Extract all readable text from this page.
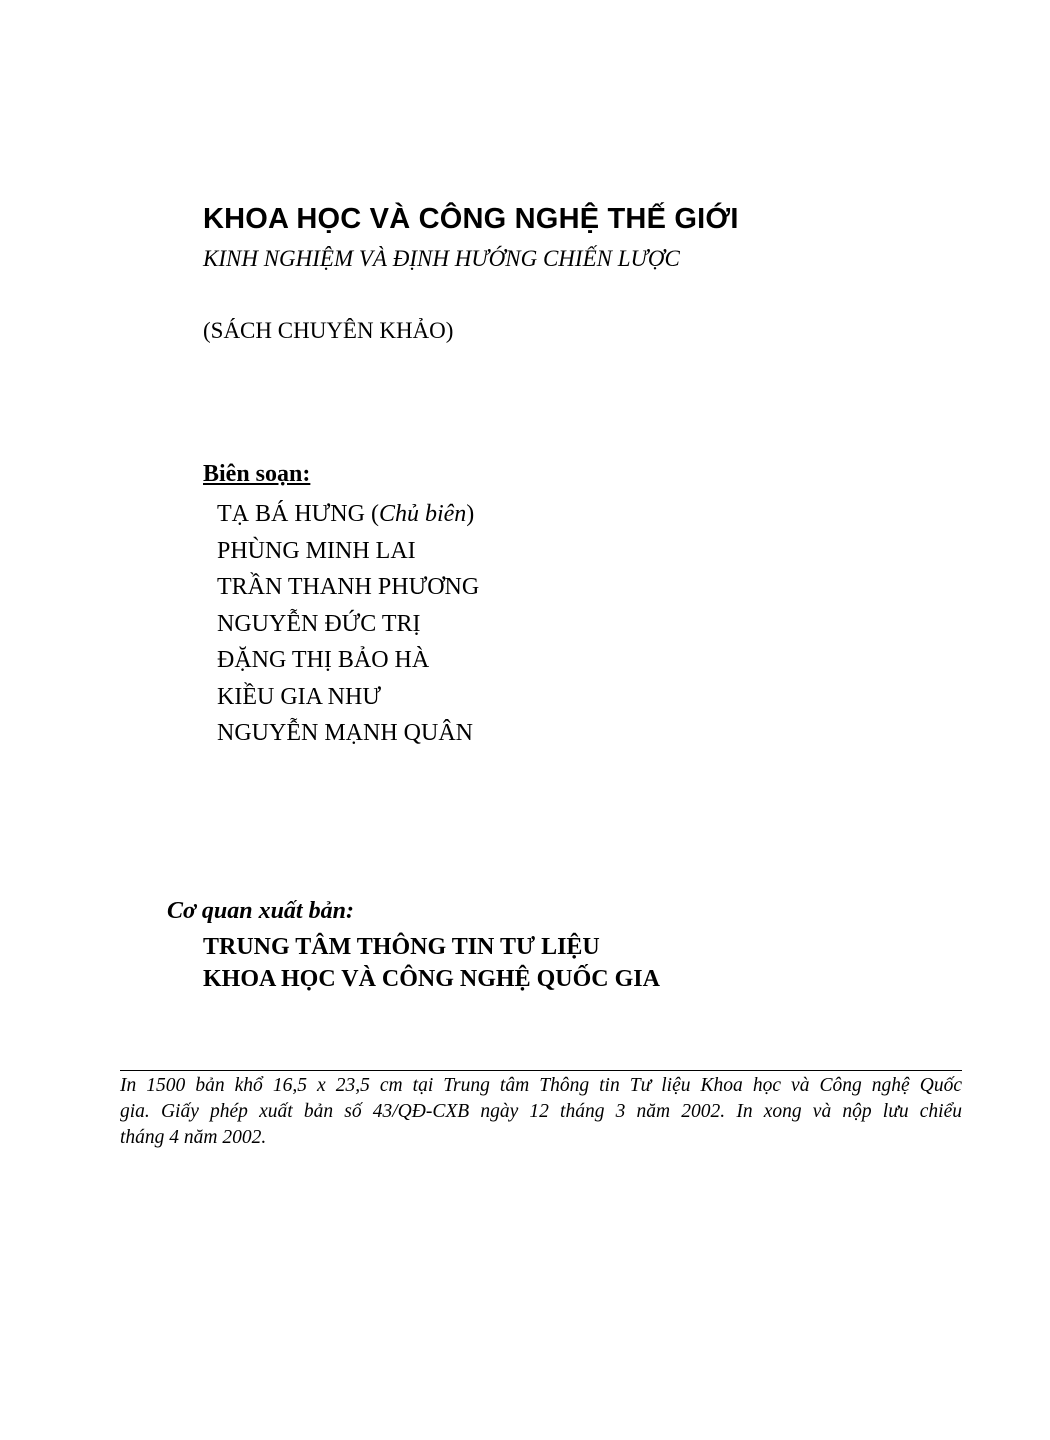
KHOA HỌC VÀ CÔNG NGHỆ THẾ GIỚI
KINH NGHIỆM VÀ ĐỊNH HƯỚNG CHIẾN LƯỢC
(SÁCH CHUYÊN KHẢO)
Biên soạn:
TẠ BÁ HƯNG (Chủ biên)
PHÙNG MINH LAI
TRẦN THANH PHƯƠNG
NGUYỄN ĐỨC TRỊ
ĐẶNG THỊ BẢO HÀ
KIỀU GIA NHƯ
NGUYỄN MẠNH QUÂN
Cơ quan xuất bản:
TRUNG TÂM THÔNG TIN TƯ LIỆU
KHOA HỌC VÀ CÔNG NGHỆ QUỐC GIA
In 1500 bản khổ 16,5 x 23,5 cm tại Trung tâm Thông tin Tư liệu Khoa học và Công nghệ Quốc
gia. Giấy phép xuất bản số 43/QĐ-CXB ngày 12 tháng 3 năm 2002. In xong và nộp lưu chiểu
tháng 4 năm 2002.
